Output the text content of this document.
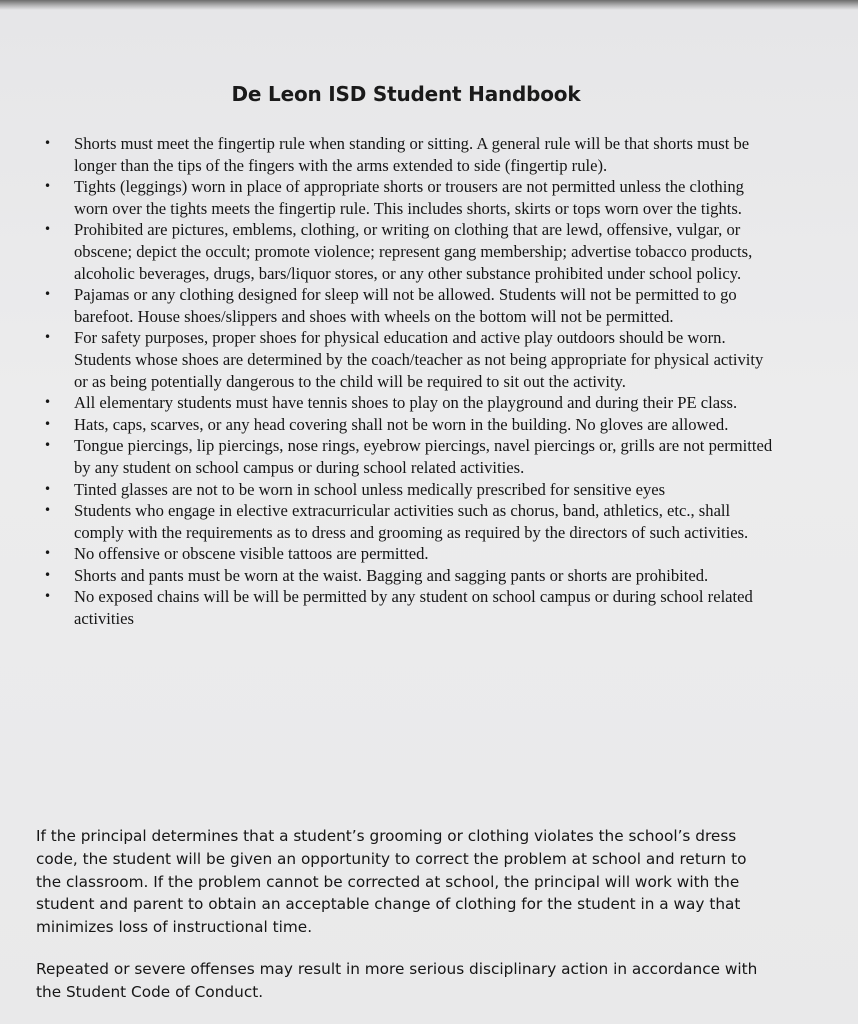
De Leon ISD Student Handbook
• Shorts must meet the fingertip rule when standing or sitting. A general rule will be that shorts must be longer than the tips of the fingers with the arms extended to side (fingertip rule).
• Tights (leggings) worn in place of appropriate shorts or trousers are not permitted unless the clothing worn over the tights meets the fingertip rule. This includes shorts, skirts or tops worn over the tights.
• Prohibited are pictures, emblems, clothing, or writing on clothing that are lewd, offensive, vulgar, or obscene; depict the occult; promote violence; represent gang membership; advertise tobacco products, alcoholic beverages, drugs, bars/liquor stores, or any other substance prohibited under school policy.
• Pajamas or any clothing designed for sleep will not be allowed. Students will not be permitted to go barefoot. House shoes/slippers and shoes with wheels on the bottom will not be permitted.
• For safety purposes, proper shoes for physical education and active play outdoors should be worn. Students whose shoes are determined by the coach/teacher as not being appropriate for physical activity or as being potentially dangerous to the child will be required to sit out the activity.
• All elementary students must have tennis shoes to play on the playground and during their PE class.
• Hats, caps, scarves, or any head covering shall not be worn in the building. No gloves are allowed.
• Tongue piercings, lip piercings, nose rings, eyebrow piercings, navel piercings or, grills are not permitted by any student on school campus or during school related activities.
• Tinted glasses are not to be worn in school unless medically prescribed for sensitive eyes
• Students who engage in elective extracurricular activities such as chorus, band, athletics, etc., shall comply with the requirements as to dress and grooming as required by the directors of such activities.
• No offensive or obscene visible tattoos are permitted.
• Shorts and pants must be worn at the waist. Bagging and sagging pants or shorts are prohibited.
• No exposed chains will be will be permitted by any student on school campus or during school related activities

If the principal determines that a student’s grooming or clothing violates the school’s dress code, the student will be given an opportunity to correct the problem at school and return to the classroom. If the problem cannot be corrected at school, the principal will work with the student and parent to obtain an acceptable change of clothing for the student in a way that minimizes loss of instructional time.

Repeated or severe offenses may result in more serious disciplinary action in accordance with the Student Code of Conduct.
